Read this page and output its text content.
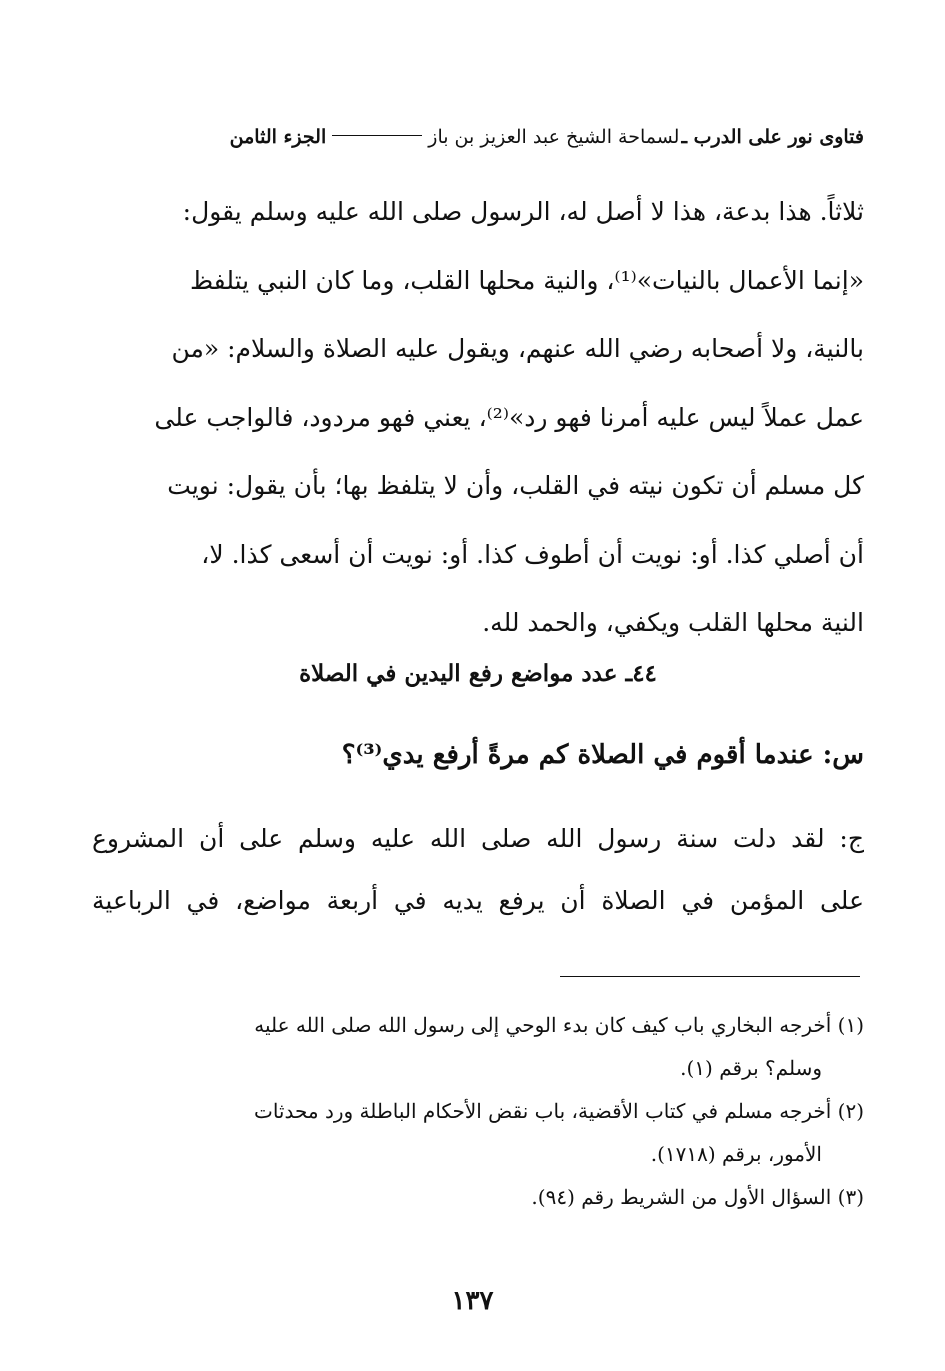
فتاوى نور على الدرب ـ
لسماحة الشيخ عبد العزيز بن باز
الجزء الثامن

ثلاثاً. هذا بدعة، هذا لا أصل له، الرسول صلى الله عليه وسلم يقول:

«إنما الأعمال بالنيات»⁽¹⁾، والنية محلها القلب، وما كان النبي يتلفظ

بالنية، ولا أصحابه رضي الله عنهم، ويقول عليه الصلاة والسلام: «من

عمل عملاً ليس عليه أمرنا فهو رد»⁽²⁾، يعني فهو مردود، فالواجب على

كل مسلم أن تكون نيته في القلب، وأن لا يتلفظ بها؛ بأن يقول: نويت

أن أصلي كذا. أو: نويت أن أطوف كذا. أو: نويت أن أسعى كذا. لا،

النية محلها القلب ويكفي، والحمد لله.

٤٤ـ عدد مواضع رفع اليدين في الصلاة
س: عندما أقوم في الصلاة كم مرةً أرفع يدي⁽³⁾؟

ج: لقد دلت سنة رسول الله صلى الله عليه وسلم على أن المشروع

على المؤمن في الصلاة أن يرفع يديه في أربعة مواضع، في الرباعية

(١) أخرجه البخاري باب كيف كان بدء الوحي إلى رسول الله صلى الله عليه
وسلم؟ برقم (١).
(٢) أخرجه مسلم في كتاب الأقضية، باب نقض الأحكام الباطلة ورد محدثات
الأمور، برقم (١٧١٨).
(٣) السؤال الأول من الشريط رقم (٩٤).
١٣٧
